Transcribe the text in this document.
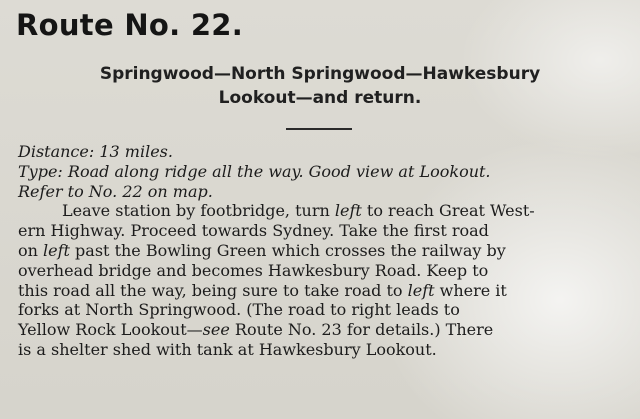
Route No. 22.
Springwood—North Springwood—Hawkesbury
Lookout—and return.
Distance: 13 miles.
Type: Road along ridge all the way. Good view at Lookout.
Refer to No. 22 on map.
Leave station by footbridge, turn left to reach Great West-
ern Highway. Proceed towards Sydney. Take the first road
on left past the Bowling Green which crosses the railway by
overhead bridge and becomes Hawkesbury Road. Keep to
this road all the way, being sure to take road to left where it
forks at North Springwood. (The road to right leads to
Yellow Rock Lookout—see Route No. 23 for details.) There
is a shelter shed with tank at Hawkesbury Lookout.
